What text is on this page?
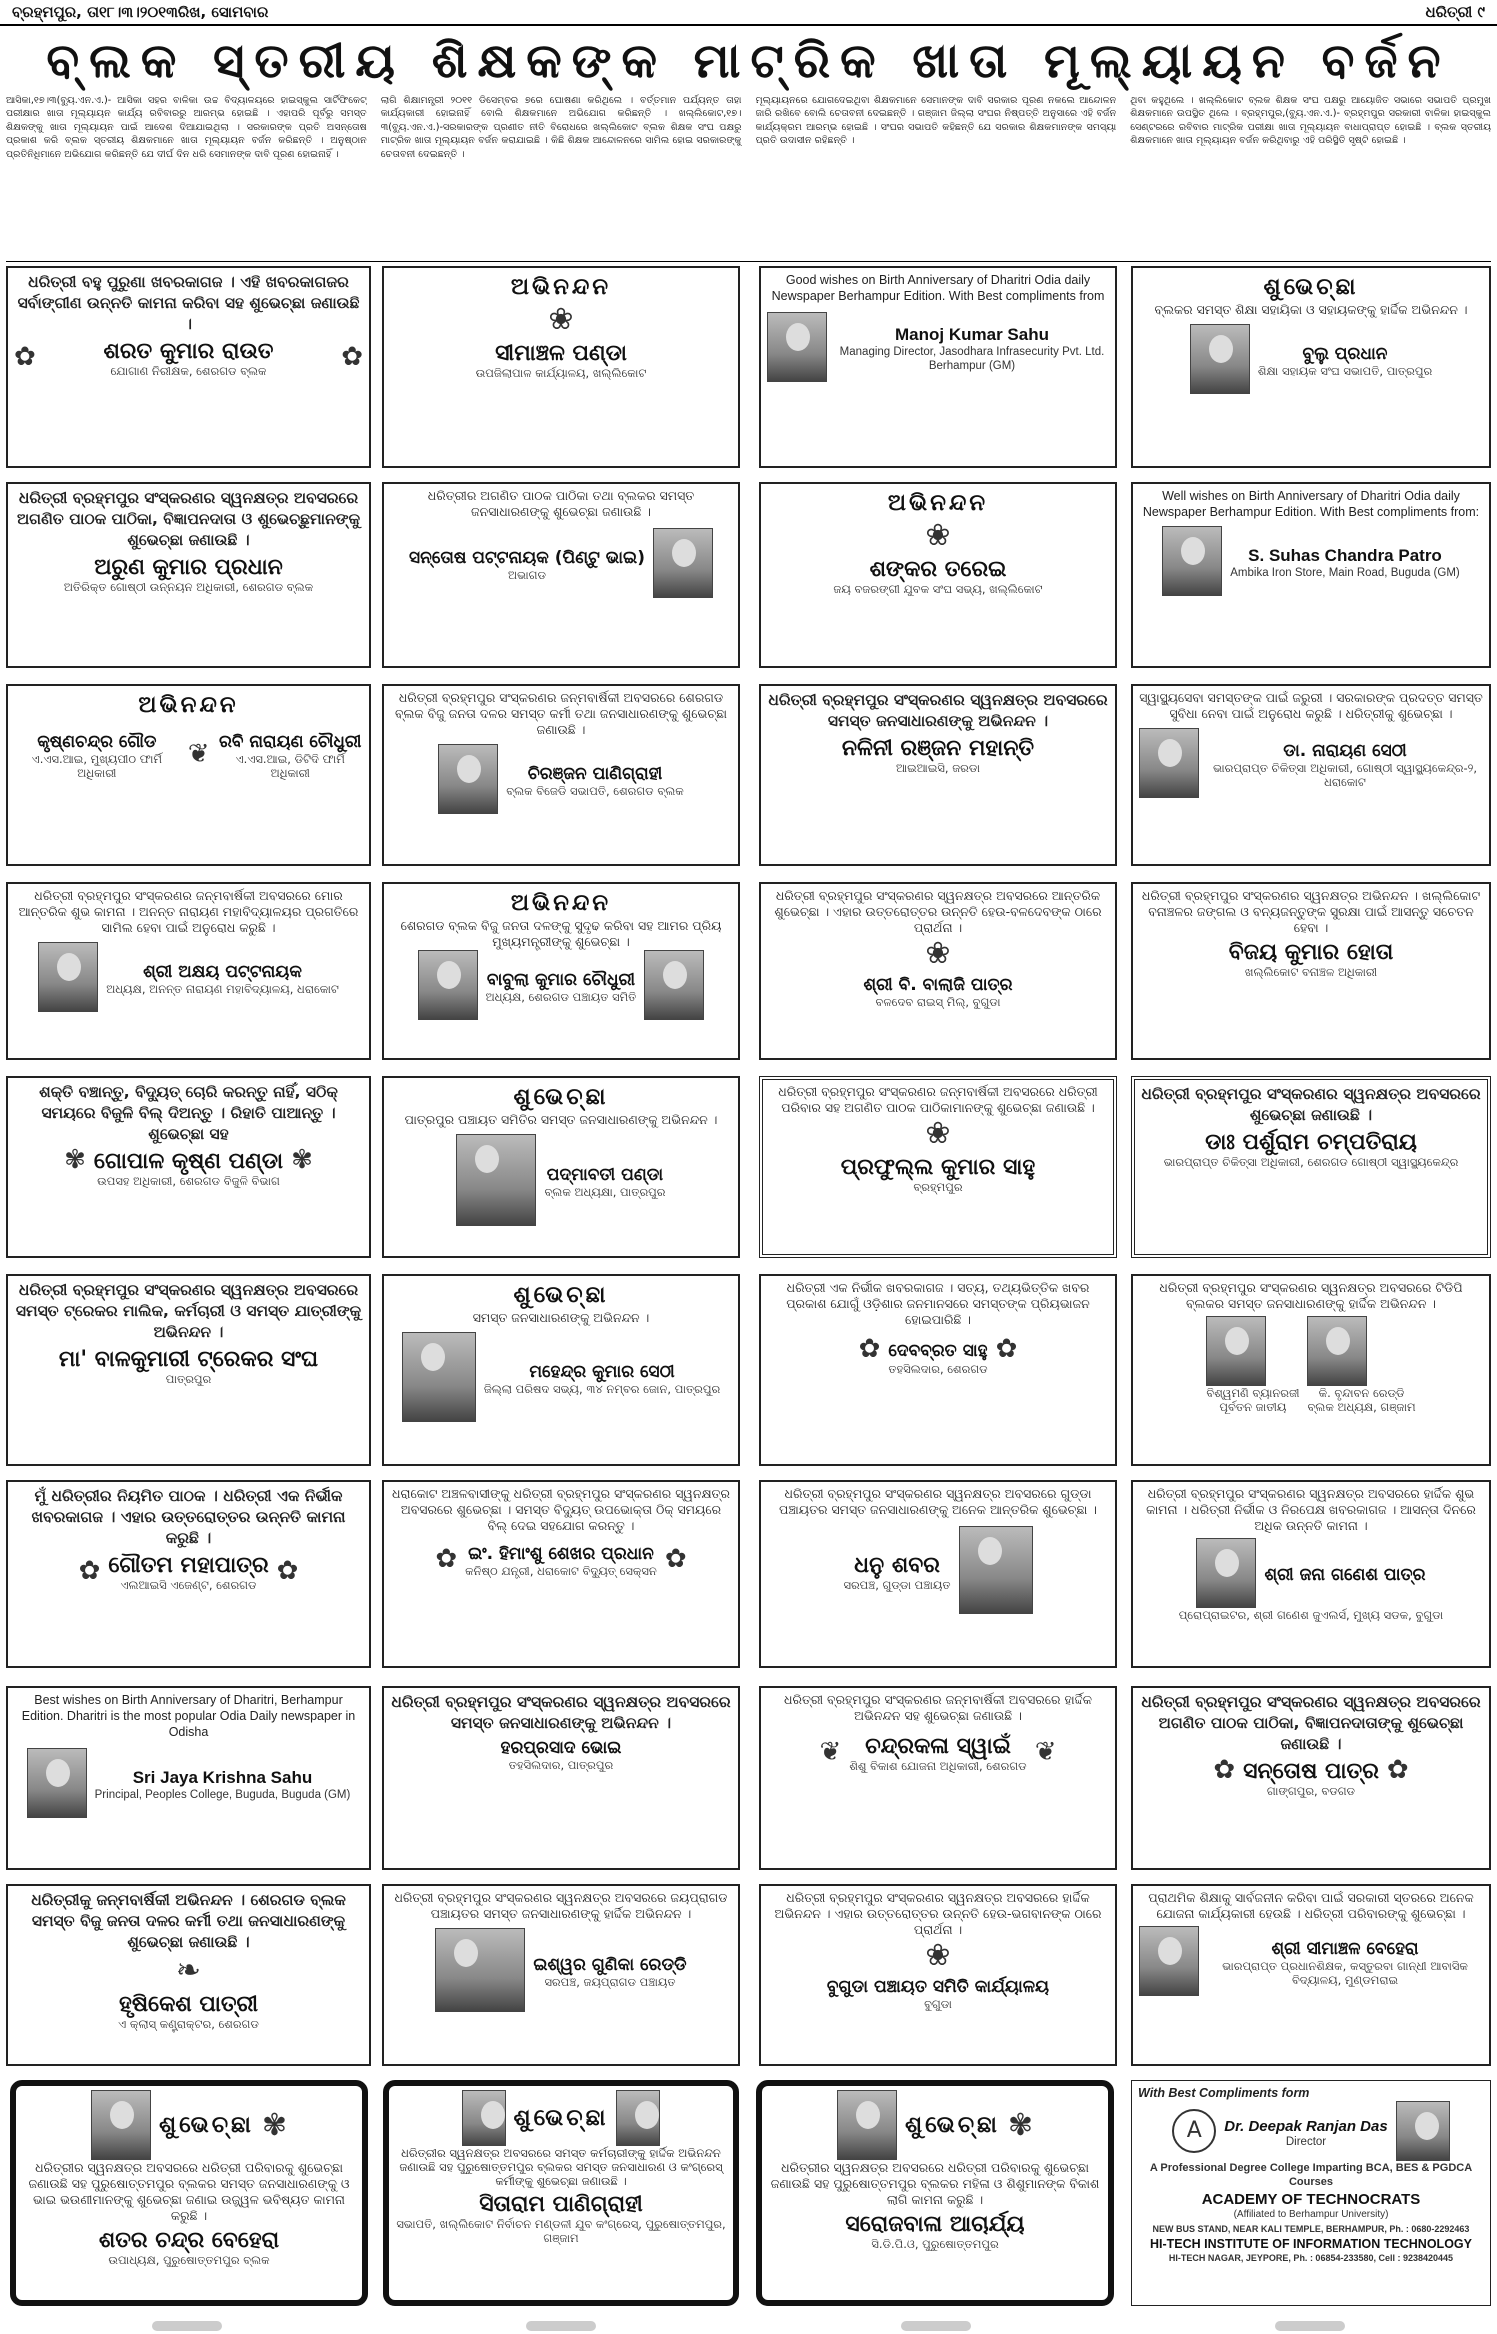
ବ୍ରହ୍ମପୁର, ତା୧୮।୩।୨୦୧୩ରିଖ, ସୋମବାର	ଧରିତ୍ରୀ ୯
ବ୍ଲକ ସ୍ତରୀୟ ଶିକ୍ଷକଙ୍କ ମାଟ୍ରିକ ଖାତା ମୂଲ୍ୟାୟନ ବର୍ଜନ
ଆସିକା,୧୭।୩(ବ୍ୟୁ.ଏନ.ଏ.)- ଆସିକା ସହର ବାଳିକା ଉଚ୍ଚ ବିଦ୍ୟାଳୟରେ ହାଇସ୍କୁଲ ସାର୍ଟିଫିକେଟ୍ ପରୀକ୍ଷାର ଖାତା ମୂଲ୍ୟାୟନ କାର୍ଯ୍ୟ ରବିବାରରୁ ଆରମ୍ଭ ହୋଇଛି । ଏହାପରି ପୂର୍ବରୁ ସମସ୍ତ ଶିକ୍ଷକଙ୍କୁ ଖାତା ମୂଲ୍ୟାୟନ ପାଇଁ ଆଦେଶ ଦିଆଯାଇଥିଲା । ସରକାରଙ୍କ ପ୍ରତି ଅସନ୍ତୋଷ ପ୍ରକାଶ କରି ବ୍ଲକ ସ୍ତରୀୟ ଶିକ୍ଷକମାନେ ଖାତା ମୂଲ୍ୟାୟନ ବର୍ଜନ କରିଛନ୍ତି । ଅନୁଷ୍ଠାନ ପ୍ରତିନିଧିମାନେ ଅଭିଯୋଗ କରିଛନ୍ତି ଯେ ଦୀର୍ଘ ଦିନ ଧରି ସେମାନଙ୍କ ଦାବି ପୂରଣ ହୋଇନାହିଁ ।
ଲାଗି ଶିକ୍ଷାମନ୍ତ୍ରୀ ୨୦୧୧ ଡିସେମ୍ବର ୭ରେ ଘୋଷଣା କରିଥିଲେ । ବର୍ତ୍ତମାନ ପର୍ଯ୍ୟନ୍ତ ତାହା କାର୍ଯ୍ୟକାରୀ ହୋଇନାହିଁ ବୋଲି ଶିକ୍ଷକମାନେ ଅଭିଯୋଗ କରିଛନ୍ତି । ଖଲ୍ଲିକୋଟ,୧୭।୩(ବ୍ୟୁ.ଏନ.ଏ.)-ସରକାରଙ୍କ ପ୍ରଣୀତ ନୀତି ବିରୋଧରେ ଖଲ୍ଲିକୋଟ ବ୍ଲକ ଶିକ୍ଷକ ସଂଘ ପକ୍ଷରୁ ମାଟ୍ରିକ ଖାତା ମୂଲ୍ୟାୟନ ବର୍ଜନ କରାଯାଇଛି । କିଛି ଶିକ୍ଷକ ଆନ୍ଦୋଳନରେ ସାମିଲ ହୋଇ ସରକାରଙ୍କୁ ଚେତାବନୀ ଦେଇଛନ୍ତି ।
ମୂଲ୍ୟାୟନରେ ଯୋଗଦେଇଥିବା ଶିକ୍ଷକମାନେ ସେମାନଙ୍କ ଦାବି ସରକାର ପୂରଣ ନକଲେ ଆନ୍ଦୋଳନ ଜାରି ରଖିବେ ବୋଲି ଚେତାବନୀ ଦେଇଛନ୍ତି । ଗଞ୍ଜାମ ଜିଲ୍ଲା ସଂଘର ନିଷ୍ପତ୍ତି ଅନୁସାରେ ଏହି ବର୍ଜନ କାର୍ଯ୍ୟକ୍ରମ ଆରମ୍ଭ ହୋଇଛି । ସଂଘର ସଭାପତି କହିଛନ୍ତି ଯେ ସରକାର ଶିକ୍ଷକମାନଙ୍କ ସମସ୍ୟା ପ୍ରତି ଉଦାସୀନ ରହିଛନ୍ତି ।
ଥିବା କହୁଥିଲେ । ଖଲ୍ଲିକୋଟ ବ୍ଲକ ଶିକ୍ଷକ ସଂଘ ପକ୍ଷରୁ ଆୟୋଜିତ ସଭାରେ ସଭାପତି ପ୍ରମୁଖ ଶିକ୍ଷକମାନେ ଉପସ୍ଥିତ ଥିଲେ । ବ୍ରହ୍ମପୁର,(ବ୍ୟୁ.ଏନ.ଏ.)- ବ୍ରହ୍ମପୁର ସରକାରୀ ବାଳିକା ହାଇସ୍କୁଲ ସେଣ୍ଟରରେ ରବିବାର ମାଟ୍ରିକ ପରୀକ୍ଷା ଖାତା ମୂଲ୍ୟାୟନ ବାଧାପ୍ରାପ୍ତ ହୋଇଛି । ବ୍ଲକ ସ୍ତରୀୟ ଶିକ୍ଷକମାନେ ଖାତା ମୂଲ୍ୟାୟନ ବର୍ଜନ କରିଥିବାରୁ ଏହି ପରିସ୍ଥିତି ସୃଷ୍ଟି ହୋଇଛି ।
ଧରିତ୍ରୀ ବହୁ ପୁରୁଣା ଖବରକାଗଜ । ଏହି ଖବରକାଗଜର ସର୍ବାଙ୍ଗୀଣ ଉନ୍ନତି କାମନା କରିବା ସହ ଶୁଭେଚ୍ଛା ଜଣାଉଛି ।
✿	ଶରତ କୁମାର ରାଉତ
ଯୋଗାଣ ନିରୀକ୍ଷକ, ଶେରଗଡ ବ୍ଲକ	✿
ଅଭିନନ୍ଦନ
❀
ସୀମାଞ୍ଚଳ ପଣ୍ଡା
ଉପଜିଲାପାଳ କାର୍ଯ୍ୟାଳୟ, ଖଲ୍ଲିକୋଟ
Good wishes on Birth Anniversary of Dharitri Odia daily Newspaper Berhampur Edition. With Best compliments from
Manoj Kumar Sahu
Managing Director, Jasodhara Infrasecurity Pvt. Ltd. Berhampur (GM)
ଶୁଭେଚ୍ଛା
ବ୍ଲକର ସମସ୍ତ ଶିକ୍ଷା ସହାୟିକା ଓ ସହାୟକଙ୍କୁ ହାର୍ଦ୍ଦିକ ଅଭିନନ୍ଦନ ।
ବୁଲୁ ପ୍ରଧାନ
ଶିକ୍ଷା ସହାୟକ ସଂଘ ସଭାପତି, ପାତ୍ରପୁର
ଧରିତ୍ରୀ ବ୍ରହ୍ମପୁର ସଂସ୍କରଣର ସ୍ୱନକ୍ଷତ୍ର ଅବସରରେ ଅଗଣିତ ପାଠକ ପାଠିକା, ବିଜ୍ଞାପନଦାତା ଓ ଶୁଭେଚ୍ଛୁମାନଙ୍କୁ ଶୁଭେଚ୍ଛା ଜଣାଉଛି ।
ଅରୁଣ କୁମାର ପ୍ରଧାନ
ଅତିରିକ୍ତ ଗୋଷ୍ଠୀ ଉନ୍ନୟନ ଅଧିକାରୀ, ଶେରଗଡ ବ୍ଲକ
ଧରିତ୍ରୀର ଅଗଣିତ ପାଠକ ପାଠିକା ତଥା ବ୍ଲକର ସମସ୍ତ ଜନସାଧାରଣଙ୍କୁ ଶୁଭେଚ୍ଛା ଜଣାଉଛି ।
ସନ୍ତୋଷ ପଟ୍ଟନାୟକ (ପିଣ୍ଟୁ ଭାଇ)
ଅଭାଗଡ
ଅଭିନନ୍ଦନ
❀
ଶଙ୍କର ତରେଇ
ଜୟ ବଜରଙ୍ଗୀ ଯୁବକ ସଂଘ ସଭ୍ୟ, ଖଲ୍ଲିକୋଟ
Well wishes on Birth Anniversary of Dharitri Odia daily Newspaper Berhampur Edition. With Best compliments from:
S. Suhas Chandra Patro
Ambika Iron Store, Main Road, Buguda (GM)
ଅଭିନନ୍ଦନ
କୃଷ୍ଣଚନ୍ଦ୍ର ଗୌଡ
ଏ.ଏସ.ଆଇ, ମୁଖ୍ୟପୀଠ ଫାର୍ମି ଅଧିକାରୀ
❦ ରବି ନାରାୟଣ ଚୌଧୁରୀ
ଏ.ଏସ.ଆଇ, ଡିଟିଦି ଫାର୍ମି ଅଧିକାରୀ
ଧରିତ୍ରୀ ବ୍ରହ୍ମପୁର ସଂସ୍କରଣର ଜନ୍ମବାର୍ଷିକୀ ଅବସରରେ ଶେରଗଡ ବ୍ଲକ ବିଜୁ ଜନତା ଦଳର ସମସ୍ତ କର୍ମୀ ତଥା ଜନସାଧାରଣଙ୍କୁ ଶୁଭେଚ୍ଛା ଜଣାଉଛି ।
ଚିରଞ୍ଜନ ପାଣିଗ୍ରାହୀ
ବ୍ଲକ ବିଜେଡି ସଭାପତି, ଶେରଗଡ ବ୍ଲକ
ଧରିତ୍ରୀ ବ୍ରହ୍ମପୁର ସଂସ୍କରଣର ସ୍ୱନକ୍ଷତ୍ର ଅବସରରେ ସମସ୍ତ ଜନସାଧାରଣଙ୍କୁ ଅଭିନନ୍ଦନ ।
ନଳିନୀ ରଞ୍ଜନ ମହାନ୍ତି
ଆଇଆଇସି, ଜରଡା
ସ୍ୱାସ୍ଥ୍ୟସେବା ସମସ୍ତଙ୍କ ପାଇଁ ଜରୁରୀ । ସରକାରଙ୍କ ପ୍ରଦତ୍ତ ସମସ୍ତ ସୁବିଧା ନେବା ପାଇଁ ଅନୁରୋଧ କରୁଛି । ଧରିତ୍ରୀକୁ ଶୁଭେଚ୍ଛା ।
ଡା. ନାରାୟଣ ସେଠୀ
ଭାରପ୍ରାପ୍ତ ଚିକିତ୍ସା ଅଧିକାରୀ, ଗୋଷ୍ଠୀ ସ୍ୱାସ୍ଥ୍ୟକେନ୍ଦ୍ର-୨, ଧରାକୋଟ
ଧରିତ୍ରୀ ବ୍ରହ୍ମପୁର ସଂସ୍କରଣର ଜନ୍ମବାର୍ଷିକୀ ଅବସରରେ ମୋର ଆନ୍ତରିକ ଶୁଭ କାମନା । ଅନନ୍ତ ନାରାୟଣ ମହାବିଦ୍ୟାଳୟର ପ୍ରଗତିରେ ସାମିଲ ହେବା ପାଇଁ ଅନୁରୋଧ କରୁଛି ।
ଶ୍ରୀ ଅକ୍ଷୟ ପଟ୍ଟନାୟକ
ଅଧ୍ୟକ୍ଷ, ଅନନ୍ତ ନାରାୟଣ ମହାବିଦ୍ୟାଳୟ, ଧରାକୋଟ
ଅଭିନନ୍ଦନ
ଶେରଗଡ ବ୍ଲକ ବିଜୁ ଜନତା ଦଳଙ୍କୁ ସୁଦୃଢ କରିବା ସହ ଆମର ପ୍ରିୟ ମୁଖ୍ୟମନ୍ତ୍ରୀଙ୍କୁ ଶୁଭେଚ୍ଛା ।
ବାବୁଲା କୁମାର ଚୌଧୁରୀ
ଅଧ୍ୟକ୍ଷ, ଶେରଗଡ ପଞ୍ଚାୟତ ସମିତି
ଧରିତ୍ରୀ ବ୍ରହ୍ମପୁର ସଂସ୍କରଣର ସ୍ୱନକ୍ଷତ୍ର ଅବସରରେ ଆନ୍ତରିକ ଶୁଭେଚ୍ଛା । ଏହାର ଉତ୍ତରୋତ୍ତର ଉନ୍ନତି ହେଉ-ବଳଦେବଙ୍କ ଠାରେ ପ୍ରାର୍ଥନା ।
❀
ଶ୍ରୀ ବି. ବାଲାଜି ପାତ୍ର
ବଳଦେବ ରାଇସ୍ ମିଲ୍, ବୁଗୁଡା
ଧରିତ୍ରୀ ବ୍ରହ୍ମପୁର ସଂସ୍କରଣର ସ୍ୱନକ୍ଷତ୍ର ଅଭିନନ୍ଦନ । ଖଲ୍ଲିକୋଟ ବନାଞ୍ଚଳର ଜଙ୍ଗଲ ଓ ବନ୍ୟଜନ୍ତୁଙ୍କ ସୁରକ୍ଷା ପାଇଁ ଆସନ୍ତୁ ସଚେତନ ହେବା ।
ବିଜୟ କୁମାର ହୋତା
ଖଲ୍ଲିକୋଟ ବନାଞ୍ଚଳ ଅଧିକାରୀ
ଶକ୍ତି ବଞ୍ଚାନ୍ତୁ, ବିଦ୍ୟୁତ୍ ଚୋରି କରନ୍ତୁ ନାହିଁ, ସଠିକ୍ ସମୟରେ ବିଜୁଳି ବିଲ୍ ଦିଅନ୍ତୁ । ରିହାତି ପାଆନ୍ତୁ । ଶୁଭେଚ୍ଛା ସହ
✾ ଗୋପାଳ କୃଷ୍ଣ ପଣ୍ଡା ✾
ଉପସହ ଅଧିକାରୀ, ଶେରଗଡ ବିଜୁଳି ବିଭାଗ
ଶୁଭେଚ୍ଛା
ପାତ୍ରପୁର ପଞ୍ଚାୟତ ସମିତିର ସମସ୍ତ ଜନସାଧାରଣଙ୍କୁ ଅଭିନନ୍ଦନ ।
ପଦ୍ମାବତୀ ପଣ୍ଡା
ବ୍ଲକ ଅଧ୍ୟକ୍ଷା, ପାତ୍ରପୁର
ଧରିତ୍ରୀ ବ୍ରହ୍ମପୁର ସଂସ୍କରଣର ଜନ୍ମବାର୍ଷିକୀ ଅବସରରେ ଧରିତ୍ରୀ ପରିବାର ସହ ଅଗଣିତ ପାଠକ ପାଠିକାମାନଙ୍କୁ ଶୁଭେଚ୍ଛା ଜଣାଉଛି ।
❀
ପ୍ରଫୁଲ୍ଲ କୁମାର ସାହୁ
ବ୍ରହ୍ମପୁର
ଧରିତ୍ରୀ ବ୍ରହ୍ମପୁର ସଂସ୍କରଣର ସ୍ୱନକ୍ଷତ୍ର ଅବସରରେ ଶୁଭେଚ୍ଛା ଜଣାଉଛି ।
ଡାଃ ପର୍ଶୁରାମ ଚମ୍ପତିରାୟ
ଭାରପ୍ରାପ୍ତ ଚିକିତ୍ସା ଅଧିକାରୀ, ଶେରଗଡ ଗୋଷ୍ଠୀ ସ୍ୱାସ୍ଥ୍ୟକେନ୍ଦ୍ର
ଧରିତ୍ରୀ ବ୍ରହ୍ମପୁର ସଂସ୍କରଣର ସ୍ୱନକ୍ଷତ୍ର ଅବସରରେ ସମସ୍ତ ଟ୍ରେକର ମାଲିକ, କର୍ମଚାରୀ ଓ ସମସ୍ତ ଯାତ୍ରୀଙ୍କୁ ଅଭିନନ୍ଦନ ।
ମା' ବାଳକୁମାରୀ ଟ୍ରେକର ସଂଘ
ପାତ୍ରପୁର
ଶୁଭେଚ୍ଛା
ସମସ୍ତ ଜନସାଧାରଣଙ୍କୁ ଅଭିନନ୍ଦନ ।
ମହେନ୍ଦ୍ର କୁମାର ସେଠୀ
ଜିଲ୍ଲା ପରିଷଦ ସଭ୍ୟ, ୩୪ ନମ୍ବର ଜୋନ, ପାତ୍ରପୁର
ଧରିତ୍ରୀ ଏକ ନିର୍ଭୀକ ଖବରକାଗଜ । ସତ୍ୟ, ତଥ୍ୟଭିତ୍ତିକ ଖବର ପ୍ରକାଶ ଯୋଗୁଁ ଓଡ଼ିଶାର ଜନମାନସରେ ସମସ୍ତଙ୍କ ପ୍ରିୟଭାଜନ ହୋଇପାରିଛି ।
✿ ଦେବବ୍ରତ ସାହୁ ✿
ତହସିଲଦାର, ଶେରଗଡ
ଧରିତ୍ରୀ ବ୍ରହ୍ମପୁର ସଂସ୍କରଣର ସ୍ୱନକ୍ଷତ୍ର ଅବସରରେ ଟିଡିପି ବ୍ଲକର ସମସ୍ତ ଜନସାଧାରଣଙ୍କୁ ହାର୍ଦ୍ଦିକ ଅଭିନନ୍ଦନ ।
ବିଶ୍ୱମଣି ବ୍ୟାନରଜୀ
ପୂର୍ବତନ ଜାତୀୟ
କି. ବୃନ୍ଦାବନ ରେଡ୍ଡି
ବ୍ଲକ ଅଧ୍ୟକ୍ଷ, ଗଞ୍ଜାମ
ମୁଁ ଧରିତ୍ରୀର ନିୟମିତ ପାଠକ । ଧରିତ୍ରୀ ଏକ ନିର୍ଭୀକ ଖବରକାଗଜ । ଏହାର ଉତ୍ତରୋତ୍ତର ଉନ୍ନତି କାମନା କରୁଛି ।
✿ ଗୌତମ ମହାପାତ୍ର
ଏଲଆଇସି ଏଜେଣ୍ଟ, ଶେରଗଡ ✿
ଧରାକୋଟ ଅଞ୍ଚଳବାସୀଙ୍କୁ ଧରିତ୍ରୀ ବ୍ରହ୍ମପୁର ସଂସ୍କରଣର ସ୍ୱନକ୍ଷତ୍ର ଅବସରରେ ଶୁଭେଚ୍ଛା । ସମସ୍ତ ବିଦ୍ୟୁତ୍ ଉପଭୋକ୍ତା ଠିକ୍ ସମୟରେ ବିଲ୍ ଦେଇ ସହଯୋଗ କରନ୍ତୁ ।
✿ ଇଂ. ହିମାଂଶୁ ଶେଖର ପ୍ରଧାନ
କନିଷ୍ଠ ଯନ୍ତ୍ରୀ, ଧରାକୋଟ ବିଦ୍ୟୁତ୍ ସେକ୍ସନ ✿
ଧରିତ୍ରୀ ବ୍ରହ୍ମପୁର ସଂସ୍କରଣର ସ୍ୱନକ୍ଷତ୍ର ଅବସରରେ ଗୁଡ୍ଡା ପଞ୍ଚାୟତର ସମସ୍ତ ଜନସାଧାରଣଙ୍କୁ ଅନେକ ଆନ୍ତରିକ ଶୁଭେଚ୍ଛା ।
ଧନୁ ଶବର
ସରପଞ୍ଚ, ଗୁଡ୍ଡା ପଞ୍ଚାୟତ
ଧରିତ୍ରୀ ବ୍ରହ୍ମପୁର ସଂସ୍କରଣର ସ୍ୱନକ୍ଷତ୍ର ଅବସରରେ ହାର୍ଦ୍ଦିକ ଶୁଭ କାମନା । ଧରିତ୍ରୀ ନିର୍ଭୀକ ଓ ନିରପେକ୍ଷ ଖବରକାଗଜ । ଆସନ୍ତା ଦିନରେ ଅଧିକ ଉନ୍ନତି କାମନା ।
ଶ୍ରୀ ଜନା ଗଣେଶ ପାତ୍ର
ପ୍ରୋପ୍ରାଇଟର, ଶ୍ରୀ ଗଣେଶ ଜୁଏଲର୍ସ, ମୁଖ୍ୟ ସଡକ, ବୁଗୁଡା
Best wishes on Birth Anniversary of Dharitri, Berhampur Edition. Dharitri is the most popular Odia Daily newspaper in Odisha
Sri Jaya Krishna Sahu
Principal, Peoples College, Buguda, Buguda (GM)
ଧରିତ୍ରୀ ବ୍ରହ୍ମପୁର ସଂସ୍କରଣର ସ୍ୱନକ୍ଷତ୍ର ଅବସରରେ ସମସ୍ତ ଜନସାଧାରଣଙ୍କୁ ଅଭିନନ୍ଦନ ।
ହରପ୍ରସାଦ ଭୋଇ
ତହସିଲଦାର, ପାତ୍ରପୁର
ଧରିତ୍ରୀ ବ୍ରହ୍ମପୁର ସଂସ୍କରଣର ଜନ୍ମବାର୍ଷିକୀ ଅବସରରେ ହାର୍ଦ୍ଦିକ ଅଭିନନ୍ଦନ ସହ ଶୁଭେଚ୍ଛା ଜଣାଉଛି ।
❦	ଚନ୍ଦ୍ରକଳା ସ୍ୱାଇଁ
ଶିଶୁ ବିକାଶ ଯୋଜନା ଅଧିକାରୀ, ଶେରଗଡ ❦
ଧରିତ୍ରୀ ବ୍ରହ୍ମପୁର ସଂସ୍କରଣର ସ୍ୱନକ୍ଷତ୍ର ଅବସରରେ ଅଗଣିତ ପାଠକ ପାଠିକା, ବିଜ୍ଞାପନଦାତାଙ୍କୁ ଶୁଭେଚ୍ଛା ଜଣାଉଛି ।
✿ ସନ୍ତୋଷ ପାତ୍ର ✿
ଗାଙ୍ଗପୁର, ବଡଗଡ
ଧରିତ୍ରୀକୁ ଜନ୍ମବାର୍ଷିକୀ ଅଭିନନ୍ଦନ । ଶେରଗଡ ବ୍ଲକ ସମସ୍ତ ବିଜୁ ଜନତା ଦଳର କର୍ମୀ ତଥା ଜନସାଧାରଣଙ୍କୁ ଶୁଭେଚ୍ଛା ଜଣାଉଛି ।
❧
ହୃଷିକେଶ ପାତ୍ରୀ
ଏ କ୍ଲାସ୍ କଣ୍ଟ୍ରାକ୍ଟର, ଶେରଗଡ
ଧରିତ୍ରୀ ବ୍ରହ୍ମପୁର ସଂସ୍କରଣର ସ୍ୱନକ୍ଷତ୍ର ଅବସରରେ ଜୟପ୍ରାଗଡ ପଞ୍ଚାୟତର ସମସ୍ତ ଜନସାଧାରଣଙ୍କୁ ହାର୍ଦ୍ଦିକ ଅଭିନନ୍ଦନ ।
ଇଶ୍ୱର ଗୁଣିକା ରେଡ୍ଡି
ସରପଞ୍ଚ, ଜୟପ୍ରାଗଡ ପଞ୍ଚାୟତ
ଧରିତ୍ରୀ ବ୍ରହ୍ମପୁର ସଂସ୍କରଣର ସ୍ୱନକ୍ଷତ୍ର ଅବସରରେ ହାର୍ଦ୍ଦିକ ଅଭିନନ୍ଦନ । ଏହାର ଉତ୍ତରୋତ୍ତର ଉନ୍ନତି ହେଉ-ଭଗବାନଙ୍କ ଠାରେ ପ୍ରାର୍ଥନା ।
❀
ବୁଗୁଡା ପଞ୍ଚାୟତ ସମିତି କାର୍ଯ୍ୟାଳୟ
ବୁଗୁଡା
ପ୍ରାଥମିକ ଶିକ୍ଷାକୁ ସାର୍ବଜନୀନ କରିବା ପାଇଁ ସରକାରୀ ସ୍ତରରେ ଅନେକ ଯୋଜନା କାର୍ଯ୍ୟକାରୀ ହେଉଛି । ଧରିତ୍ରୀ ପରିବାରଙ୍କୁ ଶୁଭେଚ୍ଛା ।
ଶ୍ରୀ ସୀମାଞ୍ଚଳ ବେହେରା
ଭାରପ୍ରାପ୍ତ ପ୍ରଧାନଶିକ୍ଷକ, କସ୍ତୁରବା ଗାନ୍ଧୀ ଆବାସିକ ବିଦ୍ୟାଳୟ, ମୁଣ୍ଡମରାଇ
ଶୁଭେଚ୍ଛା ✾
ଧରିତ୍ରୀର ସ୍ୱନକ୍ଷତ୍ର ଅବସରରେ ଧରିତ୍ରୀ ପରିବାରକୁ ଶୁଭେଚ୍ଛା ଜଣାଉଛି ସହ ପୁରୁଷୋତ୍ତମପୁର ବ୍ଲକର ସମସ୍ତ ଜନସାଧାରଣଙ୍କୁ ଓ ଭାଇ ଭଉଣୀମାନଙ୍କୁ ଶୁଭେଚ୍ଛା ଜଣାଇ ଉଜ୍ଜ୍ୱଳ ଭବିଷ୍ୟତ କାମନା କରୁଛି ।
ଶତର ଚନ୍ଦ୍ର ବେହେରା
ଉପାଧ୍ୟକ୍ଷ, ପୁରୁଷୋତ୍ତମପୁର ବ୍ଲକ
ଶୁଭେଚ୍ଛା
ଧରିତ୍ରୀର ସ୍ୱନକ୍ଷତ୍ର ଅବସରରେ ସମସ୍ତ କର୍ମଚାରୀଙ୍କୁ ହାର୍ଦ୍ଦିକ ଅଭିନନ୍ଦନ ଜଣାଉଛି ସହ ପୁରୁଷୋତ୍ତମପୁର ବ୍ଲକର ସମସ୍ତ ଜନସାଧାରଣ ଓ କଂଗ୍ରେସ୍ କର୍ମୀଙ୍କୁ ଶୁଭେଚ୍ଛା ଜଣାଉଛି ।
ସିତାରାମ ପାଣିଗ୍ରାହୀ
ସଭାପତି, ଖଲ୍ଲିକୋଟ ନିର୍ବାଚନ ମଣ୍ଡଳୀ ଯୁବ କଂଗ୍ରେସ୍, ପୁରୁଷୋତ୍ତମପୁର, ଗଞ୍ଜାମ
ଶୁଭେଚ୍ଛା ✾
ଧରିତ୍ରୀର ସ୍ୱନକ୍ଷତ୍ର ଅବସରରେ ଧରିତ୍ରୀ ପରିବାରକୁ ଶୁଭେଚ୍ଛା ଜଣାଉଛି ସହ ପୁରୁଷୋତ୍ତମପୁର ବ୍ଲକର ମହିଳା ଓ ଶିଶୁମାନଙ୍କ ବିକାଶ ଲାଗି କାମନା କରୁଛି ।
ସରୋଜବାଳା ଆଚାର୍ଯ୍ୟ
ସି.ଡି.ପି.ଓ, ପୁରୁଷୋତ୍ତମପୁର
With Best Compliments form
A	Dr. Deepak Ranjan Das
Director
A Professional Degree College Imparting BCA, BES & PGDCA Courses
ACADEMY OF TECHNOCRATS
(Affiliated to Berhampur University)
NEW BUS STAND, NEAR KALI TEMPLE, BERHAMPUR, Ph. : 0680-2292463
HI-TECH INSTITUTE OF INFORMATION TECHNOLOGY
HI-TECH NAGAR, JEYPORE, Ph. : 06854-233580, Cell : 9238420445
